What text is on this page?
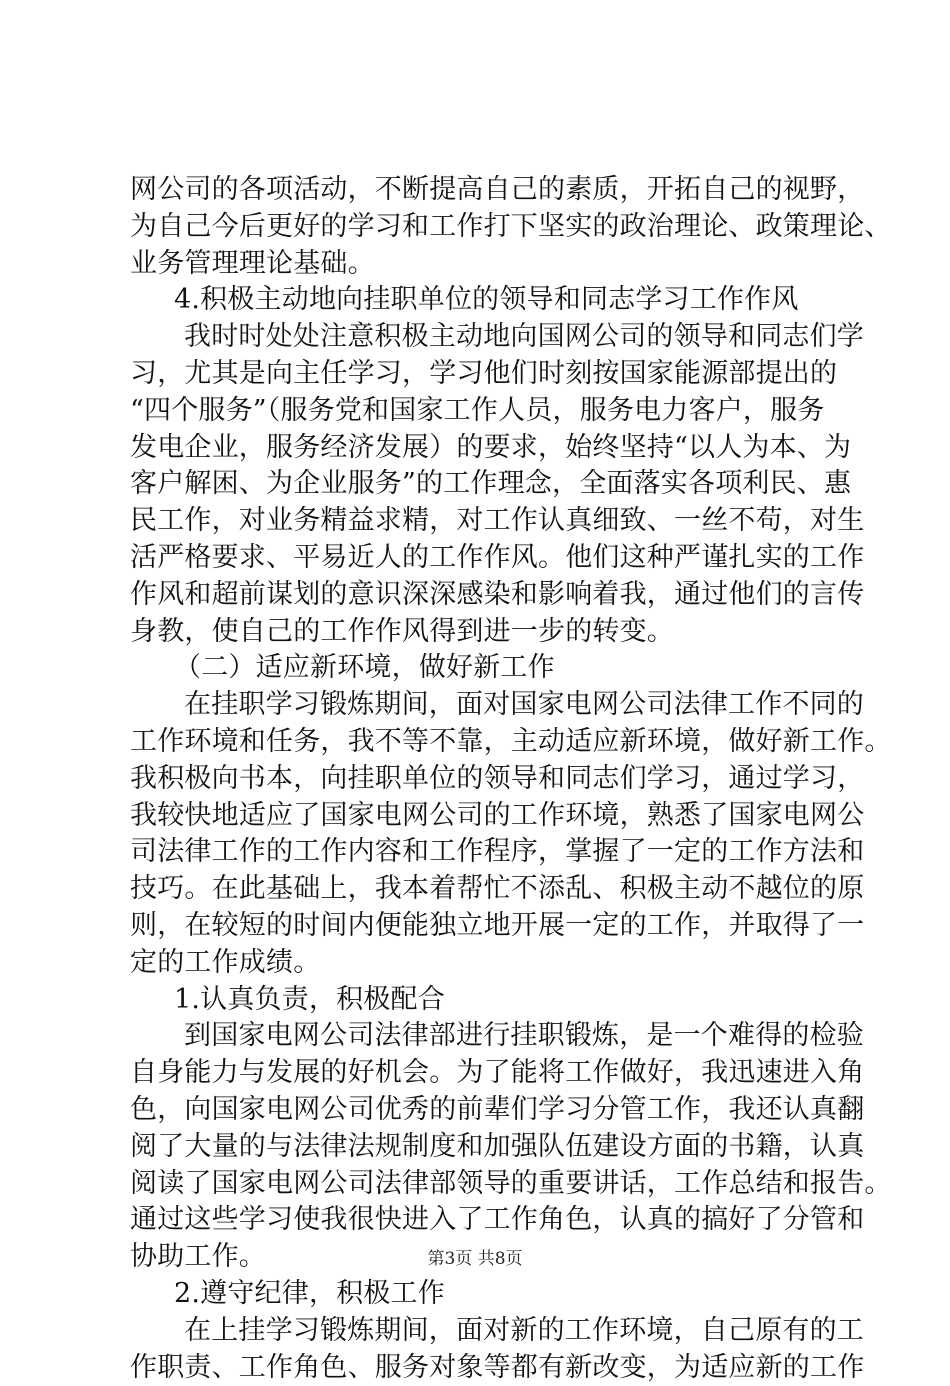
网公司的各项活动，不断提高自己的素质，开拓自己的视野，
为自己今后更好的学习和工作打下坚实的政治理论、政策理论、
业务管理理论基础。
4.积极主动地向挂职单位的领导和同志学习工作作风
我时时处处注意积极主动地向国网公司的领导和同志们学
习，尤其是向主任学习，学习他们时刻按国家能源部提出的
“四个服务”（服务党和国家工作人员，服务电力客户，服务
发电企业，服务经济发展）的要求，始终坚持“以人为本、为
客户解困、为企业服务”的工作理念，全面落实各项利民、惠
民工作，对业务精益求精，对工作认真细致、一丝不苟，对生
活严格要求、平易近人的工作作风。他们这种严谨扎实的工作
作风和超前谋划的意识深深感染和影响着我，通过他们的言传
身教，使自己的工作作风得到进一步的转变。
（二）适应新环境，做好新工作
在挂职学习锻炼期间，面对国家电网公司法律工作不同的
工作环境和任务，我不等不靠，主动适应新环境，做好新工作。
我积极向书本，向挂职单位的领导和同志们学习，通过学习，
我较快地适应了国家电网公司的工作环境，熟悉了国家电网公
司法律工作的工作内容和工作程序，掌握了一定的工作方法和
技巧。在此基础上，我本着帮忙不添乱、积极主动不越位的原
则，在较短的时间内便能独立地开展一定的工作，并取得了一
定的工作成绩。
1.认真负责，积极配合
到国家电网公司法律部进行挂职锻炼，是一个难得的检验
自身能力与发展的好机会。为了能将工作做好，我迅速进入角
色，向国家电网公司优秀的前辈们学习分管工作，我还认真翻
阅了大量的与法律法规制度和加强队伍建设方面的书籍，认真
阅读了国家电网公司法律部领导的重要讲话，工作总结和报告。
通过这些学习使我很快进入了工作角色，认真的搞好了分管和
协助工作。
2.遵守纪律，积极工作
在上挂学习锻炼期间，面对新的工作环境，自己原有的工
作职责、工作角色、服务对象等都有新改变，为适应新的工作
第3页 共8页
